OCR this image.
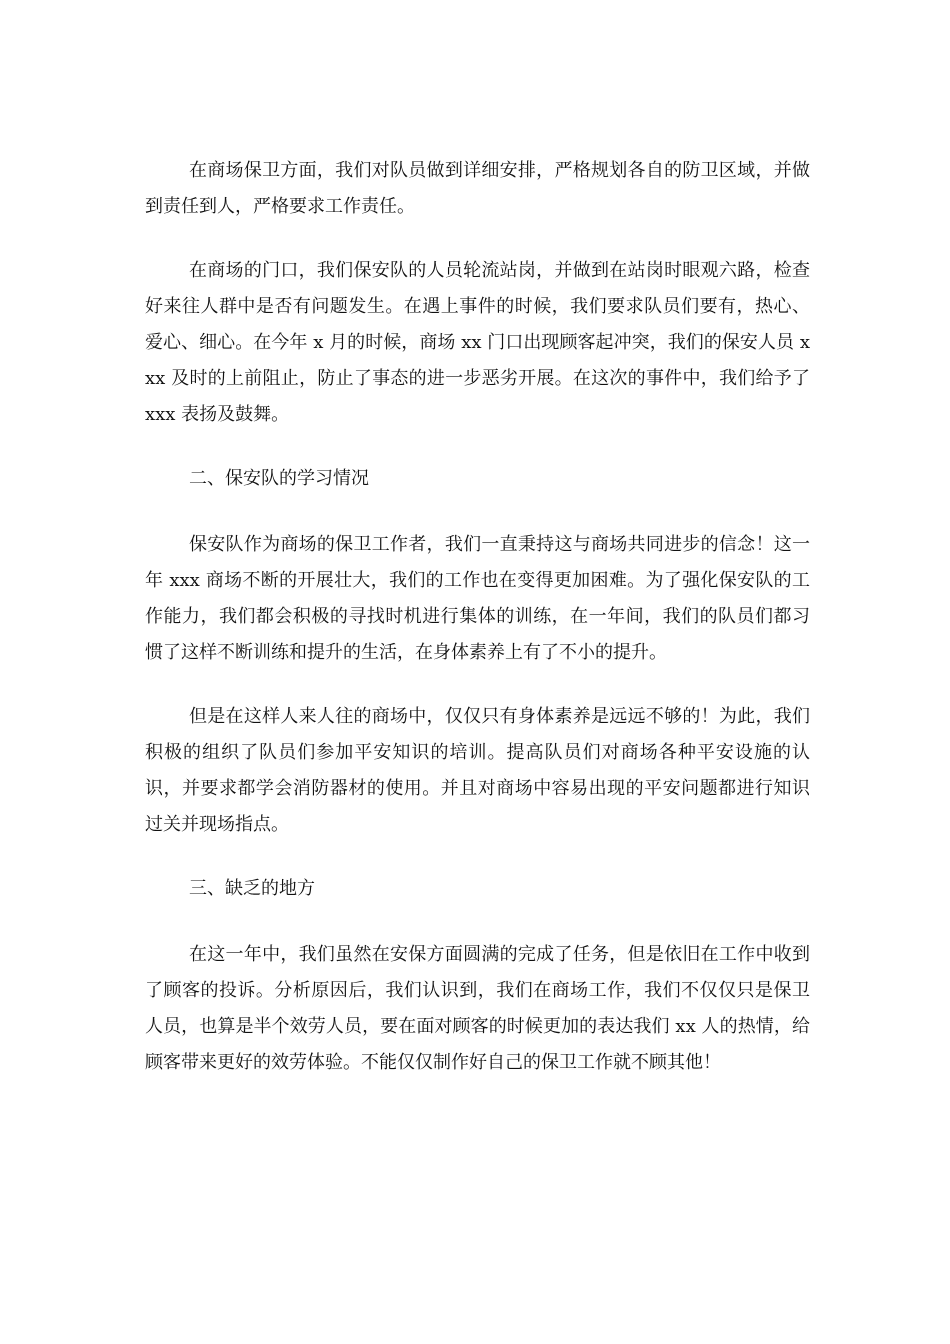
在商场保卫方面，我们对队员做到详细安排，严格规划各自的防卫区域，并做到责任到人，严格要求工作责任。

在商场的门口，我们保安队的人员轮流站岗，并做到在站岗时眼观六路，检查好来往人群中是否有问题发生。在遇上事件的时候，我们要求队员们要有，热心、爱心、细心。在今年 x 月的时候，商场 xx 门口出现顾客起冲突，我们的保安人员 xxx 及时的上前阻止，防止了事态的进一步恶劣开展。在这次的事件中，我们给予了 xxx 表扬及鼓舞。

二、保安队的学习情况

保安队作为商场的保卫工作者，我们一直秉持这与商场共同进步的信念！这一年 xxx 商场不断的开展壮大，我们的工作也在变得更加困难。为了强化保安队的工作能力，我们都会积极的寻找时机进行集体的训练，在一年间，我们的队员们都习惯了这样不断训练和提升的生活，在身体素养上有了不小的提升。

但是在这样人来人往的商场中，仅仅只有身体素养是远远不够的！为此，我们积极的组织了队员们参加平安知识的培训。提高队员们对商场各种平安设施的认识，并要求都学会消防器材的使用。并且对商场中容易出现的平安问题都进行知识过关并现场指点。

三、缺乏的地方

在这一年中，我们虽然在安保方面圆满的完成了任务，但是依旧在工作中收到了顾客的投诉。分析原因后，我们认识到，我们在商场工作，我们不仅仅只是保卫人员，也算是半个效劳人员，要在面对顾客的时候更加的表达我们 xx 人的热情，给顾客带来更好的效劳体验。不能仅仅制作好自己的保卫工作就不顾其他！
